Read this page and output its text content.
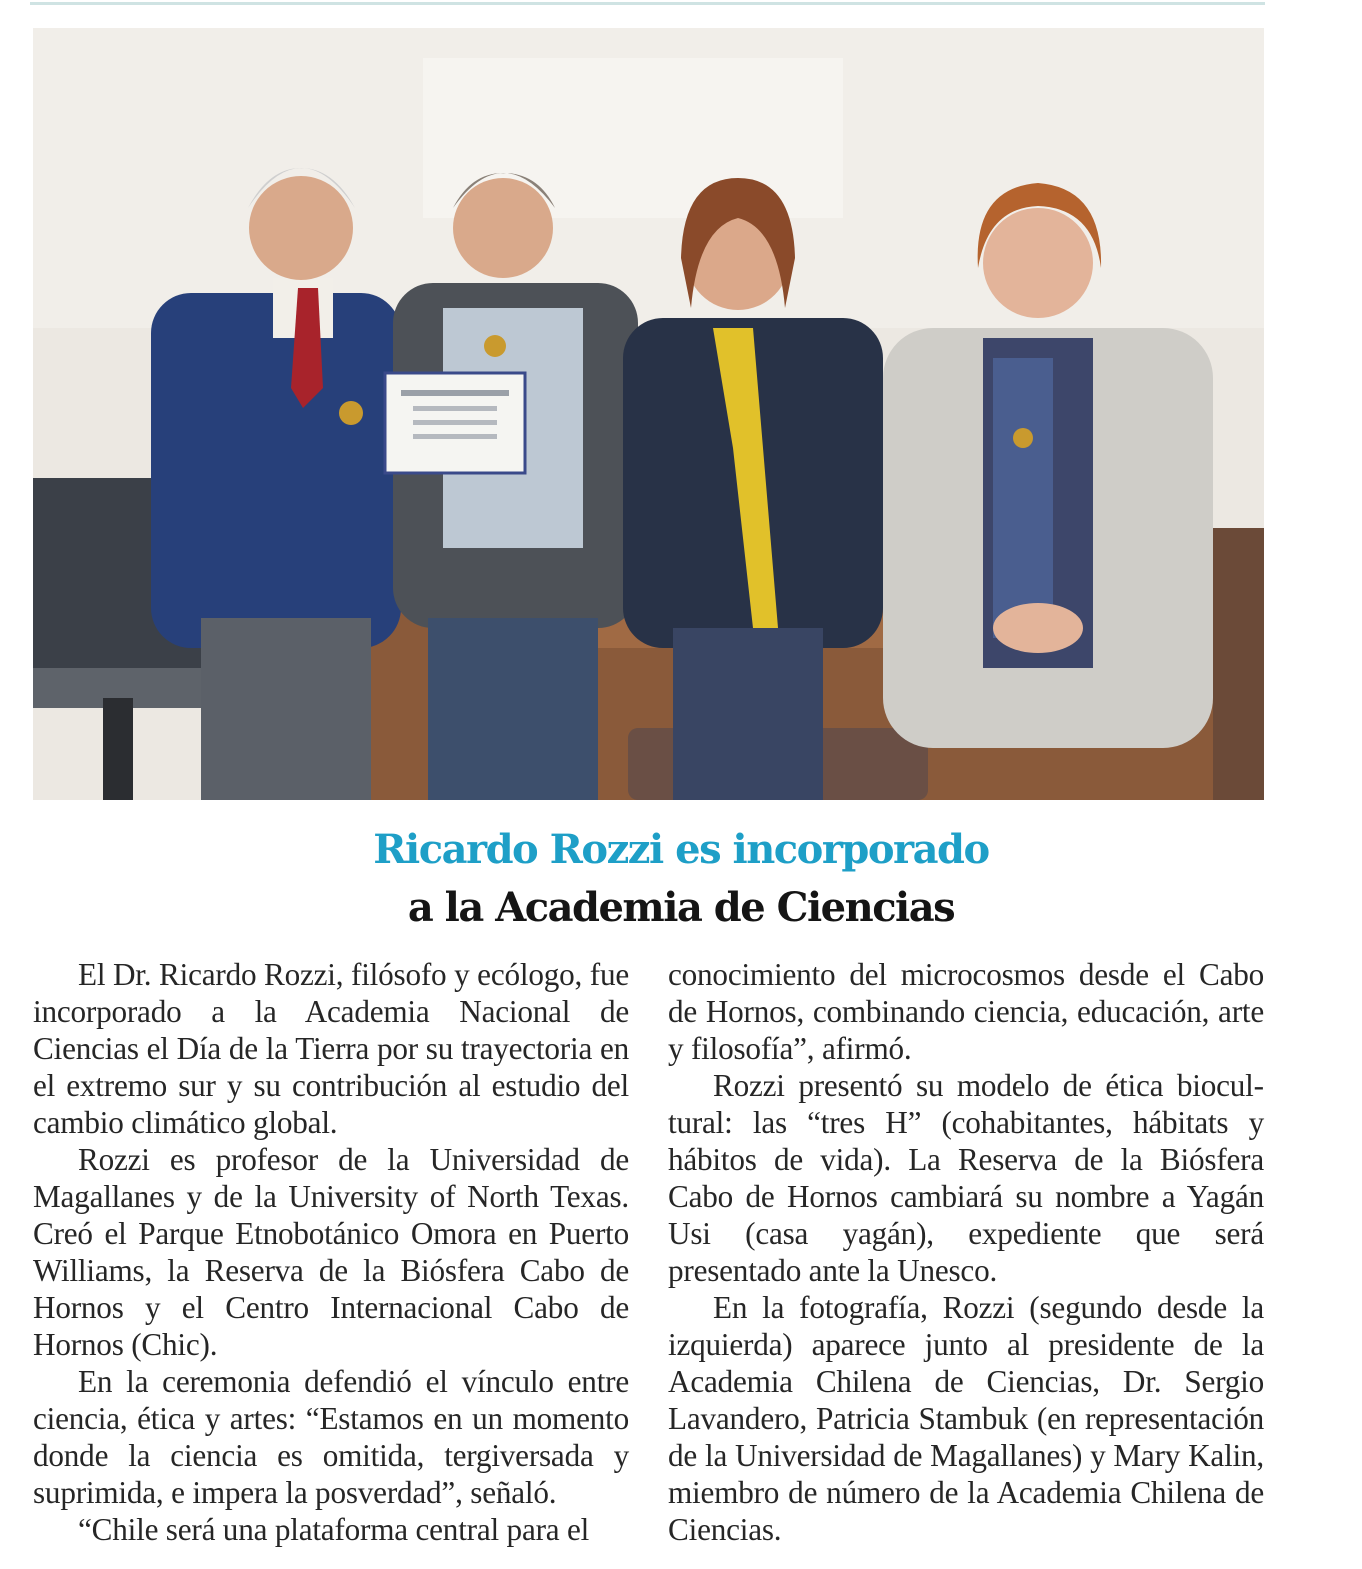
Ricardo Rozzi es incorporado
a la Academia de Ciencias

El Dr. Ricardo Rozzi, filósofo y ecólogo, fue incorporado a la Academia Nacional de Ciencias el Día de la Tierra por su trayectoria en el extremo sur y su contribución al estudio del cambio climático global.

Rozzi es profesor de la Universidad de Magallanes y de la University of North Texas. Creó el Parque Etnobotánico Omora en Puerto Williams, la Reserva de la Biósfera Cabo de Hornos y el Centro Internacional Cabo de Hornos (Chic).

En la ceremonia defendió el vínculo entre ciencia, ética y artes: “Estamos en un momento donde la ciencia es omitida, tergiversada y suprimida, e impera la posverdad”, señaló.

“Chile será una plataforma central para el

conocimiento del microcosmos desde el Cabo de Hornos, combinando ciencia, educación, arte y filosofía”, afirmó.

Rozzi presentó su modelo de ética biocultural: las “tres H” (cohabitantes, hábitats y hábitos de vida). La Reserva de la Biósfera Cabo de Hornos cambiará su nombre a Yagán Usi (casa yagán), expediente que será presentado ante la Unesco.

En la fotografía, Rozzi (segundo desde la izquierda) aparece junto al presidente de la Academia Chilena de Ciencias, Dr. Sergio Lavandero, Patricia Stambuk (en representación de la Universidad de Magallanes) y Mary Kalin, miembro de número de la Academia Chilena de Ciencias.
